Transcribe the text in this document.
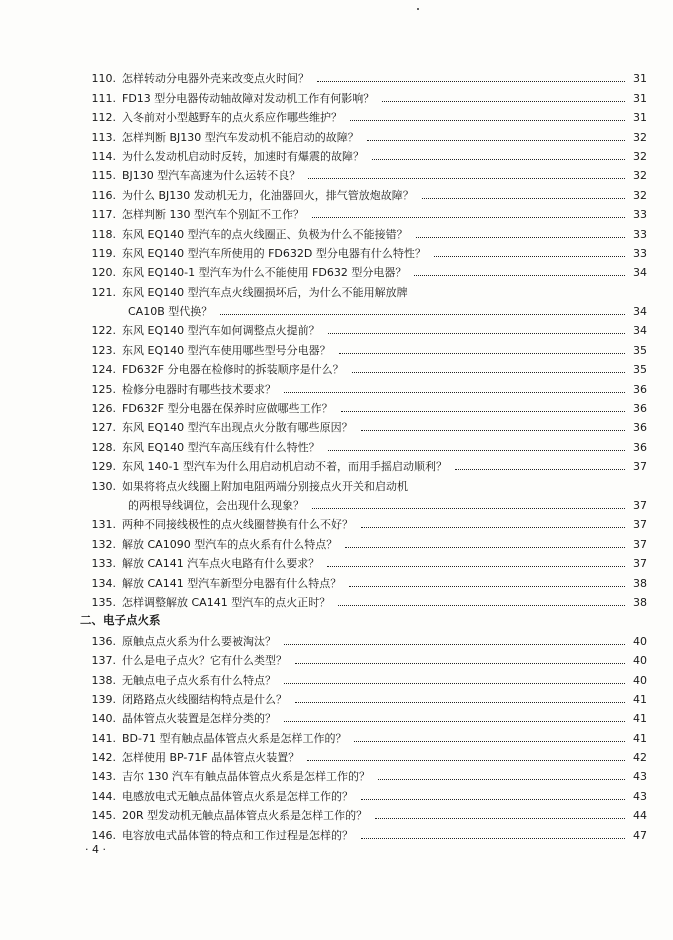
110. 怎样转动分电器外壳来改变点火时间？	31
111. FD13 型分电器传动轴故障对发动机工作有何影响？	31
112. 入冬前对小型越野车的点火系应作哪些维护？	31
113. 怎样判断 BJ130 型汽车发动机不能启动的故障？	32
114. 为什么发动机启动时反转，加速时有爆震的故障？	32
115. BJ130 型汽车高速为什么运转不良？	32
116. 为什么 BJ130 发动机无力，化油器回火，排气管放炮故障？	32
117. 怎样判断 130 型汽车个别缸不工作？	33
118. 东风 EQ140 型汽车的点火线圈正、负极为什么不能接错？	33
119. 东风 EQ140 型汽车所使用的 FD632D 型分电器有什么特性？	33
120. 东风 EQ140-1 型汽车为什么不能使用 FD632 型分电器？	34
121. 东风 EQ140 型汽车点火线圈损坏后，为什么不能用解放牌
CA10B 型代换？	34
122. 东风 EQ140 型汽车如何调整点火提前？	34
123. 东风 EQ140 型汽车使用哪些型号分电器？	35
124. FD632F 分电器在检修时的拆装顺序是什么？	35
125. 检修分电器时有哪些技术要求？	36
126. FD632F 型分电器在保养时应做哪些工作？	36
127. 东风 EQ140 型汽车出现点火分散有哪些原因？	36
128. 东风 EQ140 型汽车高压线有什么特性？	36
129. 东风 140-1 型汽车为什么用启动机启动不着，而用手摇启动顺利？	37
130. 如果将将点火线圈上附加电阻两端分别接点火开关和启动机
的两根导线调位，会出现什么现象？	37
131. 两种不同接线极性的点火线圈替换有什么不好？	37
132. 解放 CA1090 型汽车的点火系有什么特点？	37
133. 解放 CA141 汽车点火电路有什么要求？	37
134. 解放 CA141 型汽车新型分电器有什么特点？	38
135. 怎样调整解放 CA141 型汽车的点火正时？	38
二、电子点火系
136. 原触点点火系为什么要被淘汰？	40
137. 什么是电子点火？它有什么类型？	40
138. 无触点电子点火系有什么特点？	40
139. 闭路路点火线圈结构特点是什么？	41
140. 晶体管点火装置是怎样分类的？	41
141. BD-71 型有触点晶体管点火系是怎样工作的？	41
142. 怎样使用 BP-71F 晶体管点火装置？	42
143. 吉尔 130 汽车有触点晶体管点火系是怎样工作的？	43
144. 电感放电式无触点晶体管点火系是怎样工作的？	43
145. 20R 型发动机无触点晶体管点火系是怎样工作的？	44
146. 电容放电式晶体管的特点和工作过程是怎样的？	47
· 4 ·
